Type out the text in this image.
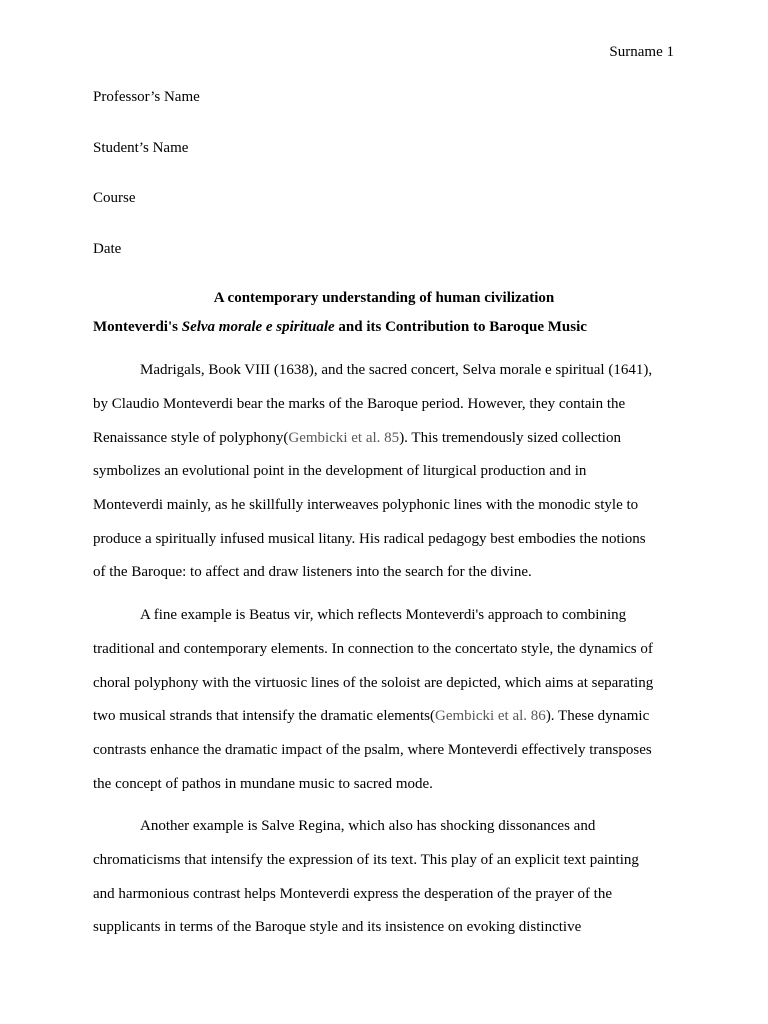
Surname 1
Professor’s Name
Student’s Name
Course
Date
A contemporary understanding of human civilization
Monteverdi's Selva morale e spirituale and its Contribution to Baroque Music
Madrigals, Book VIII (1638), and the sacred concert, Selva morale e spiritual (1641),
by Claudio Monteverdi bear the marks of the Baroque period. However, they contain the
Renaissance style of polyphony(Gembicki et al. 85). This tremendously sized collection
symbolizes an evolutional point in the development of liturgical production and in
Monteverdi mainly, as he skillfully interweaves polyphonic lines with the monodic style to
produce a spiritually infused musical litany. His radical pedagogy best embodies the notions
of the Baroque: to affect and draw listeners into the search for the divine.
A fine example is Beatus vir, which reflects Monteverdi's approach to combining
traditional and contemporary elements. In connection to the concertato style, the dynamics of
choral polyphony with the virtuosic lines of the soloist are depicted, which aims at separating
two musical strands that intensify the dramatic elements(Gembicki et al. 86). These dynamic
contrasts enhance the dramatic impact of the psalm, where Monteverdi effectively transposes
the concept of pathos in mundane music to sacred mode.
Another example is Salve Regina, which also has shocking dissonances and
chromaticisms that intensify the expression of its text. This play of an explicit text painting
and harmonious contrast helps Monteverdi express the desperation of the prayer of the
supplicants in terms of the Baroque style and its insistence on evoking distinctive
